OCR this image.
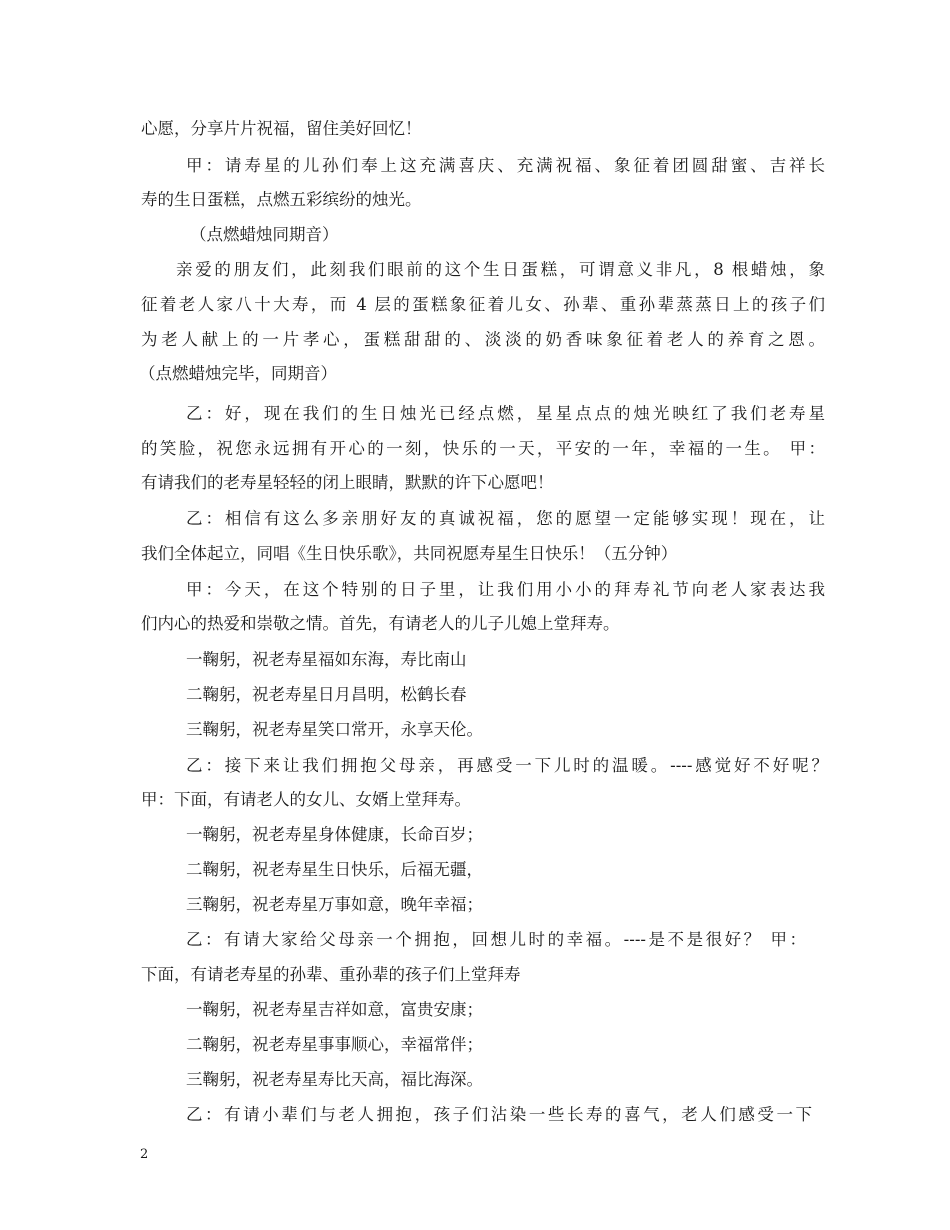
心愿，分享片片祝福，留住美好回忆！
甲：请寿星的儿孙们奉上这充满喜庆、充满祝福、象征着团圆甜蜜、吉祥长
寿的生日蛋糕，点燃五彩缤纷的烛光。
（点燃蜡烛同期音）
亲爱的朋友们，此刻我们眼前的这个生日蛋糕，可谓意义非凡，8 根蜡烛，象
征着老人家八十大寿，而 4 层的蛋糕象征着儿女、孙辈、重孙辈蒸蒸日上的孩子们
为老人献上的一片孝心，蛋糕甜甜的、淡淡的奶香味象征着老人的养育之恩。
（点燃蜡烛完毕，同期音）
乙：好，现在我们的生日烛光已经点燃，星星点点的烛光映红了我们老寿星
的笑脸，祝您永远拥有开心的一刻，快乐的一天，平安的一年，幸福的一生。 甲：
有请我们的老寿星轻轻的闭上眼睛，默默的许下心愿吧！
乙：相信有这么多亲朋好友的真诚祝福，您的愿望一定能够实现！现在，让
我们全体起立，同唱《生日快乐歌》，共同祝愿寿星生日快乐！（五分钟）
甲：今天，在这个特别的日子里，让我们用小小的拜寿礼节向老人家表达我
们内心的热爱和崇敬之情。首先，有请老人的儿子儿媳上堂拜寿。
一鞠躬，祝老寿星福如东海，寿比南山
二鞠躬，祝老寿星日月昌明，松鹤长春
三鞠躬，祝老寿星笑口常开，永享天伦。
乙：接下来让我们拥抱父母亲，再感受一下儿时的温暖。----感觉好不好呢？
甲：下面，有请老人的女儿、女婿上堂拜寿。
一鞠躬，祝老寿星身体健康，长命百岁；
二鞠躬，祝老寿星生日快乐，后福无疆，
三鞠躬，祝老寿星万事如意，晚年幸福；
乙：有请大家给父母亲一个拥抱，回想儿时的幸福。----是不是很好？ 甲：
下面，有请老寿星的孙辈、重孙辈的孩子们上堂拜寿
一鞠躬，祝老寿星吉祥如意，富贵安康；
二鞠躬，祝老寿星事事顺心，幸福常伴；
三鞠躬，祝老寿星寿比天高，福比海深。
乙：有请小辈们与老人拥抱，孩子们沾染一些长寿的喜气，老人们感受一下
2
